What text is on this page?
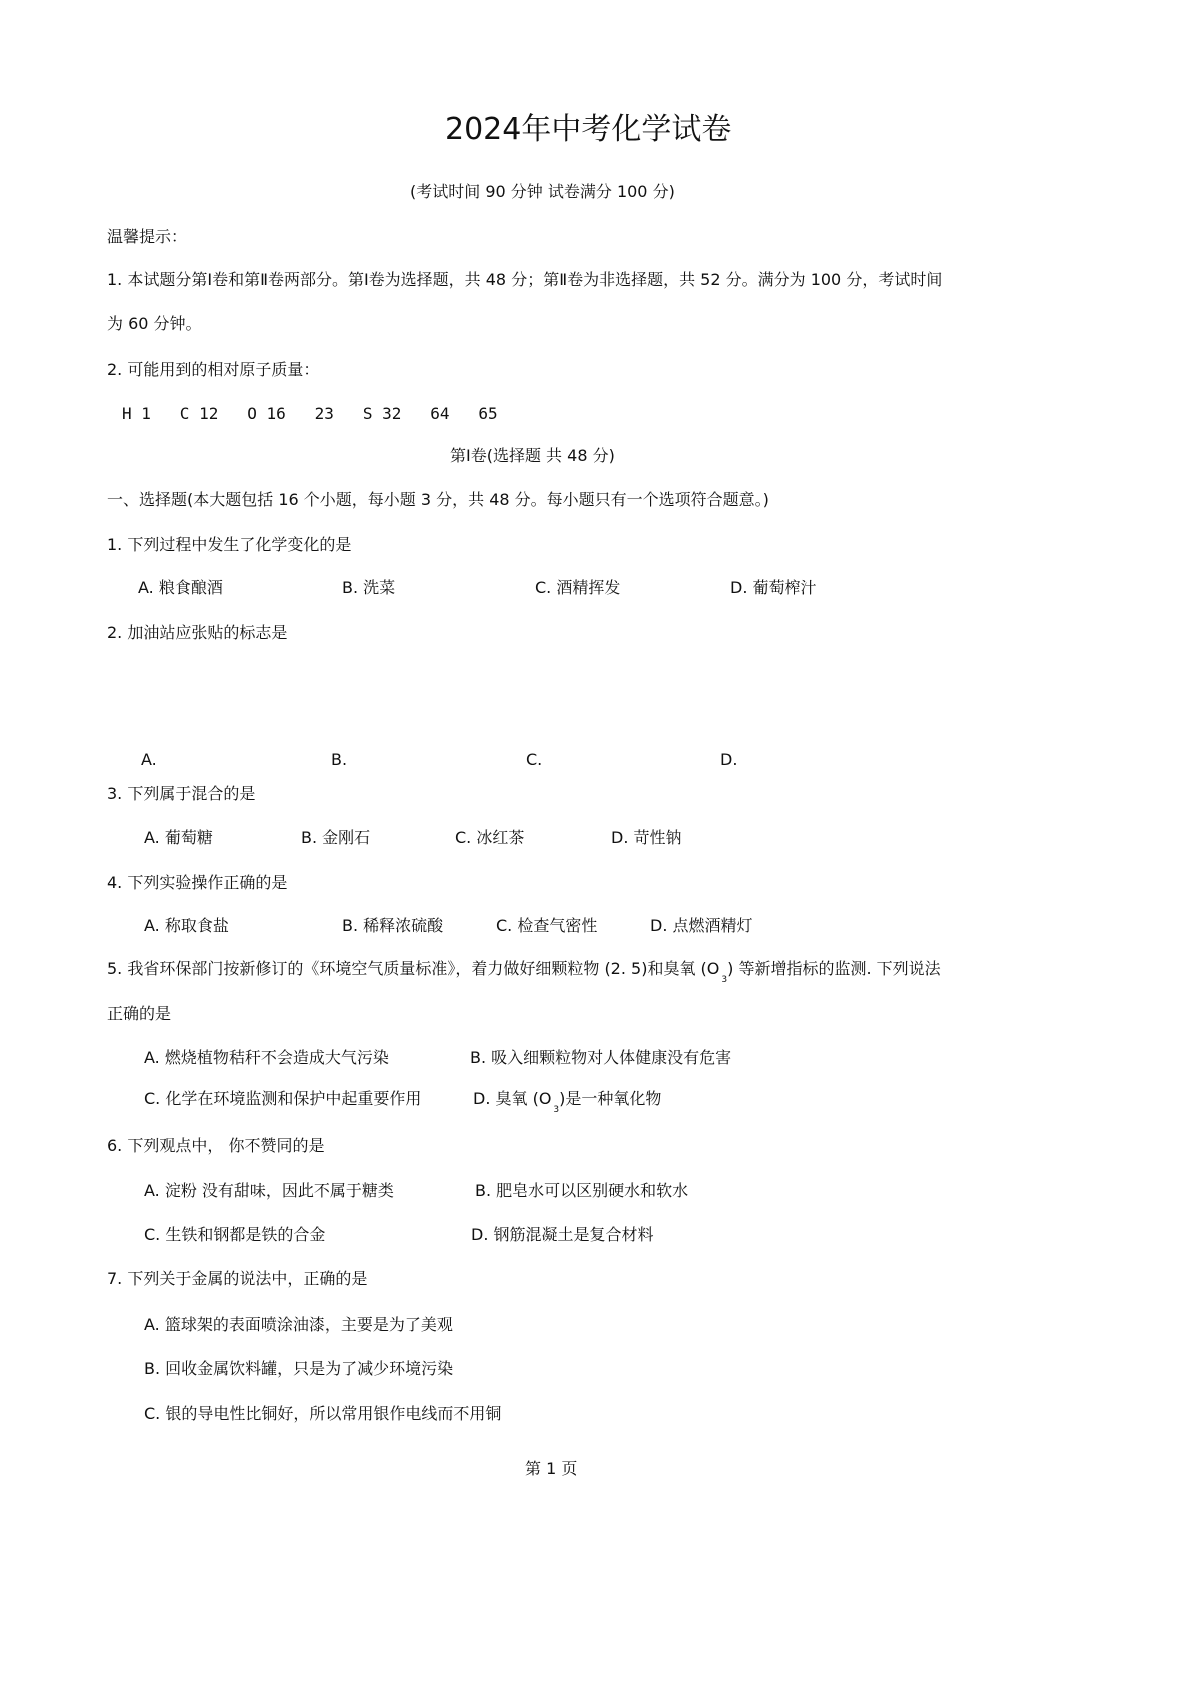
2024年中考化学试卷
(考试时间 90 分钟 试卷满分 100 分)
温馨提示：
1. 本试题分第Ⅰ卷和第Ⅱ卷两部分。第Ⅰ卷为选择题，共 48 分；第Ⅱ卷为非选择题，共 52 分。满分为 100 分，考试时间
为 60 分钟。
2. 可能用到的相对原子质量：
H 1   C 12   O 16   23   S 32   64   65
第Ⅰ卷(选择题 共 48 分)
一、选择题(本大题包括 16 个小题，每小题 3 分，共 48 分。每小题只有一个选项符合题意。)
1. 下列过程中发生了化学变化的是
A. 粮食酿酒	B. 洗菜	C. 酒精挥发	D. 葡萄榨汁
2. 加油站应张贴的标志是
A.	B.	C.	D.
3. 下列属于混合的是
A. 葡萄糖	B. 金刚石	C. 冰红茶	D. 苛性钠
4. 下列实验操作正确的是
A. 称取食盐	B. 稀释浓硫酸	C. 检查气密性	D. 点燃酒精灯
5. 我省环保部门按新修订的《环境空气质量标准》，着力做好细颗粒物 (2. 5)和臭氧 $(O_3)$ 等新增指标的监测. 下列说法
正确的是
A. 燃烧植物秸秆不会造成大气污染	B. 吸入细颗粒物对人体健康没有危害
C. 化学在环境监测和保护中起重要作用	D. 臭氧 $(O_3)$是一种氧化物
6. 下列观点中， 你不赞同的是
A. 淀粉 没有甜味，因此不属于糖类	B. 肥皂水可以区别硬水和软水
C. 生铁和钢都是铁的合金	D. 钢筋混凝土是复合材料
7. 下列关于金属的说法中，正确的是
A. 篮球架的表面喷涂油漆，主要是为了美观
B. 回收金属饮料罐，只是为了减少环境污染
C. 银的导电性比铜好，所以常用银作电线而不用铜
第 1 页
